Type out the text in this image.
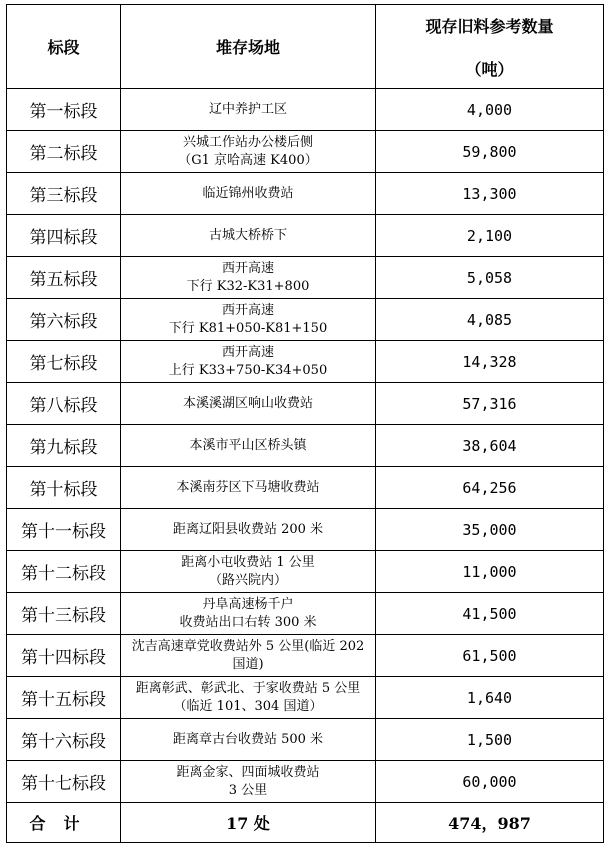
标段	堆存场地	现存旧料参考数量
（吨）

第一标段	辽中养护工区	4,000
第二标段	兴城工作站办公楼后侧
（G1 京哈高速 K400）	59,800
第三标段	临近锦州收费站	13,300
第四标段	古城大桥桥下	2,100
第五标段	西开高速
下行 K32-K31+800	5,058
第六标段	西开高速
下行 K81+050-K81+150	4,085
第七标段	西开高速
上行 K33+750-K34+050	14,328
第八标段	本溪溪湖区响山收费站	57,316
第九标段	本溪市平山区桥头镇	38,604
第十标段	本溪南芬区下马塘收费站	64,256
第十一标段	距离辽阳县收费站 200 米	35,000
第十二标段	距离小屯收费站 1 公里
（路兴院内）	11,000
第十三标段	丹阜高速杨千户
收费站出口右转 300 米	41,500
第十四标段	沈吉高速章党收费站外 5 公里(临近 202
国道)	61,500
第十五标段	距离彰武、彰武北、于家收费站 5 公里
（临近 101、304 国道）	1,640
第十六标段	距离章古台收费站 500 米	1,500
第十七标段	距离金家、四面城收费站
3 公里	60,000
合计	17 处	474，987
